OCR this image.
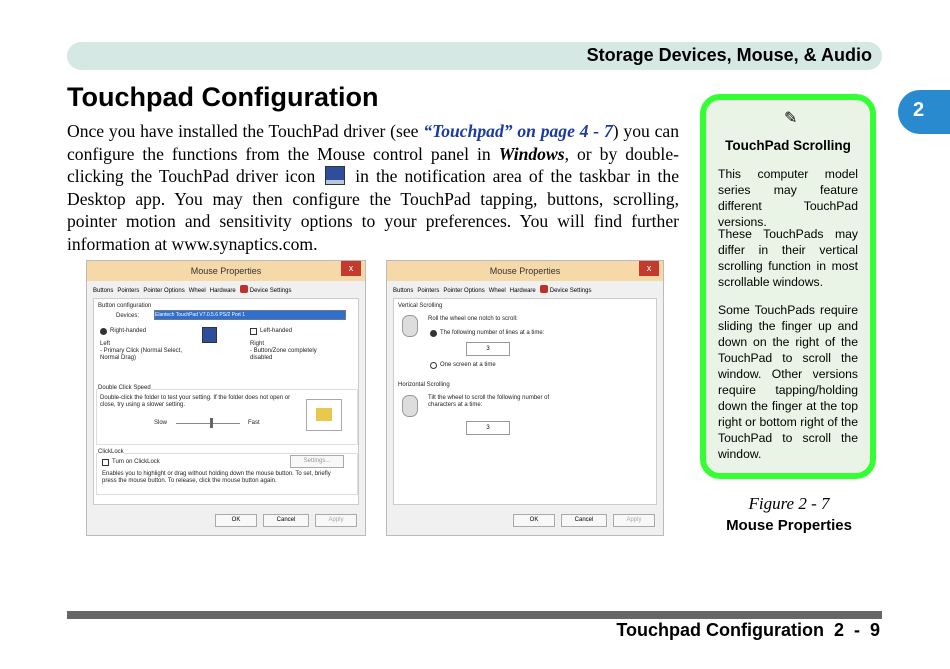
Storage Devices, Mouse, & Audio
2
Touchpad Configuration
Once you have installed the TouchPad driver (see “Touchpad” on page 4 - 7) you can configure the functions from the Mouse control panel in Windows, or by double-clicking the TouchPad driver icon  in the notification area of the taskbar in the Desktop app. You may then configure the TouchPad tapping, buttons, scrolling, pointer motion and sensitivity options to your preferences. You will find further information at www.synaptics.com.
Mouse Properties	x
Buttons Pointers Pointer Options Wheel Hardware Device Settings
Button configuration
Devices:	Elantech TouchPad V7.0.5.6 PS/2 Port 1
Right-handed	Left-handed
Left
- Primary Click (Normal Select, Normal Drag)
Right
- Button/Zone completely disabled
Double Click Speed
Double-click the folder to test your setting. If the folder does not open or close, try using a slower setting.
Slow	Fast
ClickLock
Turn on ClickLock	Settings...
Enables you to highlight or drag without holding down the mouse button. To set, briefly press the mouse button. To release, click the mouse button again.
OK	Cancel	Apply
Mouse Properties	x
Buttons Pointers Pointer Options Wheel Hardware Device Settings
Vertical Scrolling
Roll the wheel one notch to scroll:
The following number of lines at a time:
3
One screen at a time
Horizontal Scrolling
Tilt the wheel to scroll the following number of characters at a time:
3
OK	Cancel	Apply
✎
TouchPad Scrolling
This computer model series may feature different TouchPad versions.
These TouchPads may differ in their vertical scrolling function in most scrollable windows.
Some TouchPads require sliding the finger up and down on the right of the TouchPad to scroll the window. Other versions require tapping/holding down the finger at the top right or bottom right of the TouchPad to scroll the window.
Figure 2 - 7
Mouse Properties
Touchpad Configuration  2  -  9
